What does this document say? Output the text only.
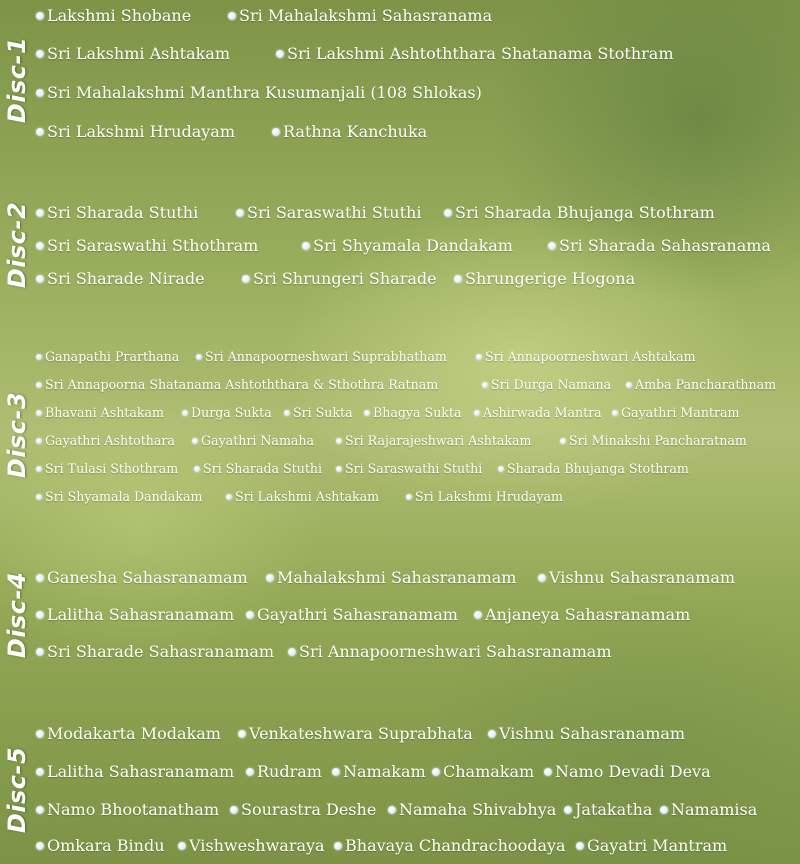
Disc-1
Disc-2
Disc-3
Disc-4
Disc-5
Lakshmi Shobane	Sri Mahalakshmi Sahasranama
Sri Lakshmi Ashtakam	Sri Lakshmi Ashtoththara Shatanama Stothram
Sri Mahalakshmi Manthra Kusumanjali (108 Shlokas)
Sri Lakshmi Hrudayam	Rathna Kanchuka
Sri Sharada Stuthi	Sri Saraswathi Stuthi Sri Sharada Bhujanga Stothram
Sri Saraswathi Sthothram	Sri Shyamala Dandakam	Sri Sharada Sahasranama
Sri Sharade Nirade	Sri Shrungeri Sharade Shrungerige Hogona
Ganapathi Prarthana Sri Annapoorneshwari Suprabhatham	Sri Annapoorneshwari Ashtakam
Sri Annapoorna Shatanama Ashtoththara & Sthothra Ratnam	Sri Durga Namana Amba Pancharathnam
Bhavani Ashtakam Durga Sukta Sri Sukta Bhagya Sukta Ashirwada Mantra Gayathri Mantram
Gayathri Ashtothara Gayathri Namaha Sri Rajarajeshwari Ashtakam	Sri Minakshi Pancharatnam
Sri Tulasi Sthothram Sri Sharada Stuthi Sri Saraswathi Stuthi Sharada Bhujanga Stothram
Sri Shyamala Dandakam	Sri Lakshmi Ashtakam	Sri Lakshmi Hrudayam
Ganesha Sahasranamam Mahalakshmi Sahasranamam Vishnu Sahasranamam
Lalitha Sahasranamam Gayathri Sahasranamam Anjaneya Sahasranamam
Sri Sharade Sahasranamam Sri Annapoorneshwari Sahasranamam
Modakarta Modakam Venkateshwara Suprabhata Vishnu Sahasranamam
Lalitha Sahasranamam Rudram Namakam Chamakam Namo Devadi Deva
Namo Bhootanatham Sourastra Deshe Namaha Shivabhya Jatakatha Namamisa
Omkara Bindu Vishweshwaraya Bhavaya Chandrachoodaya Gayatri Mantram
